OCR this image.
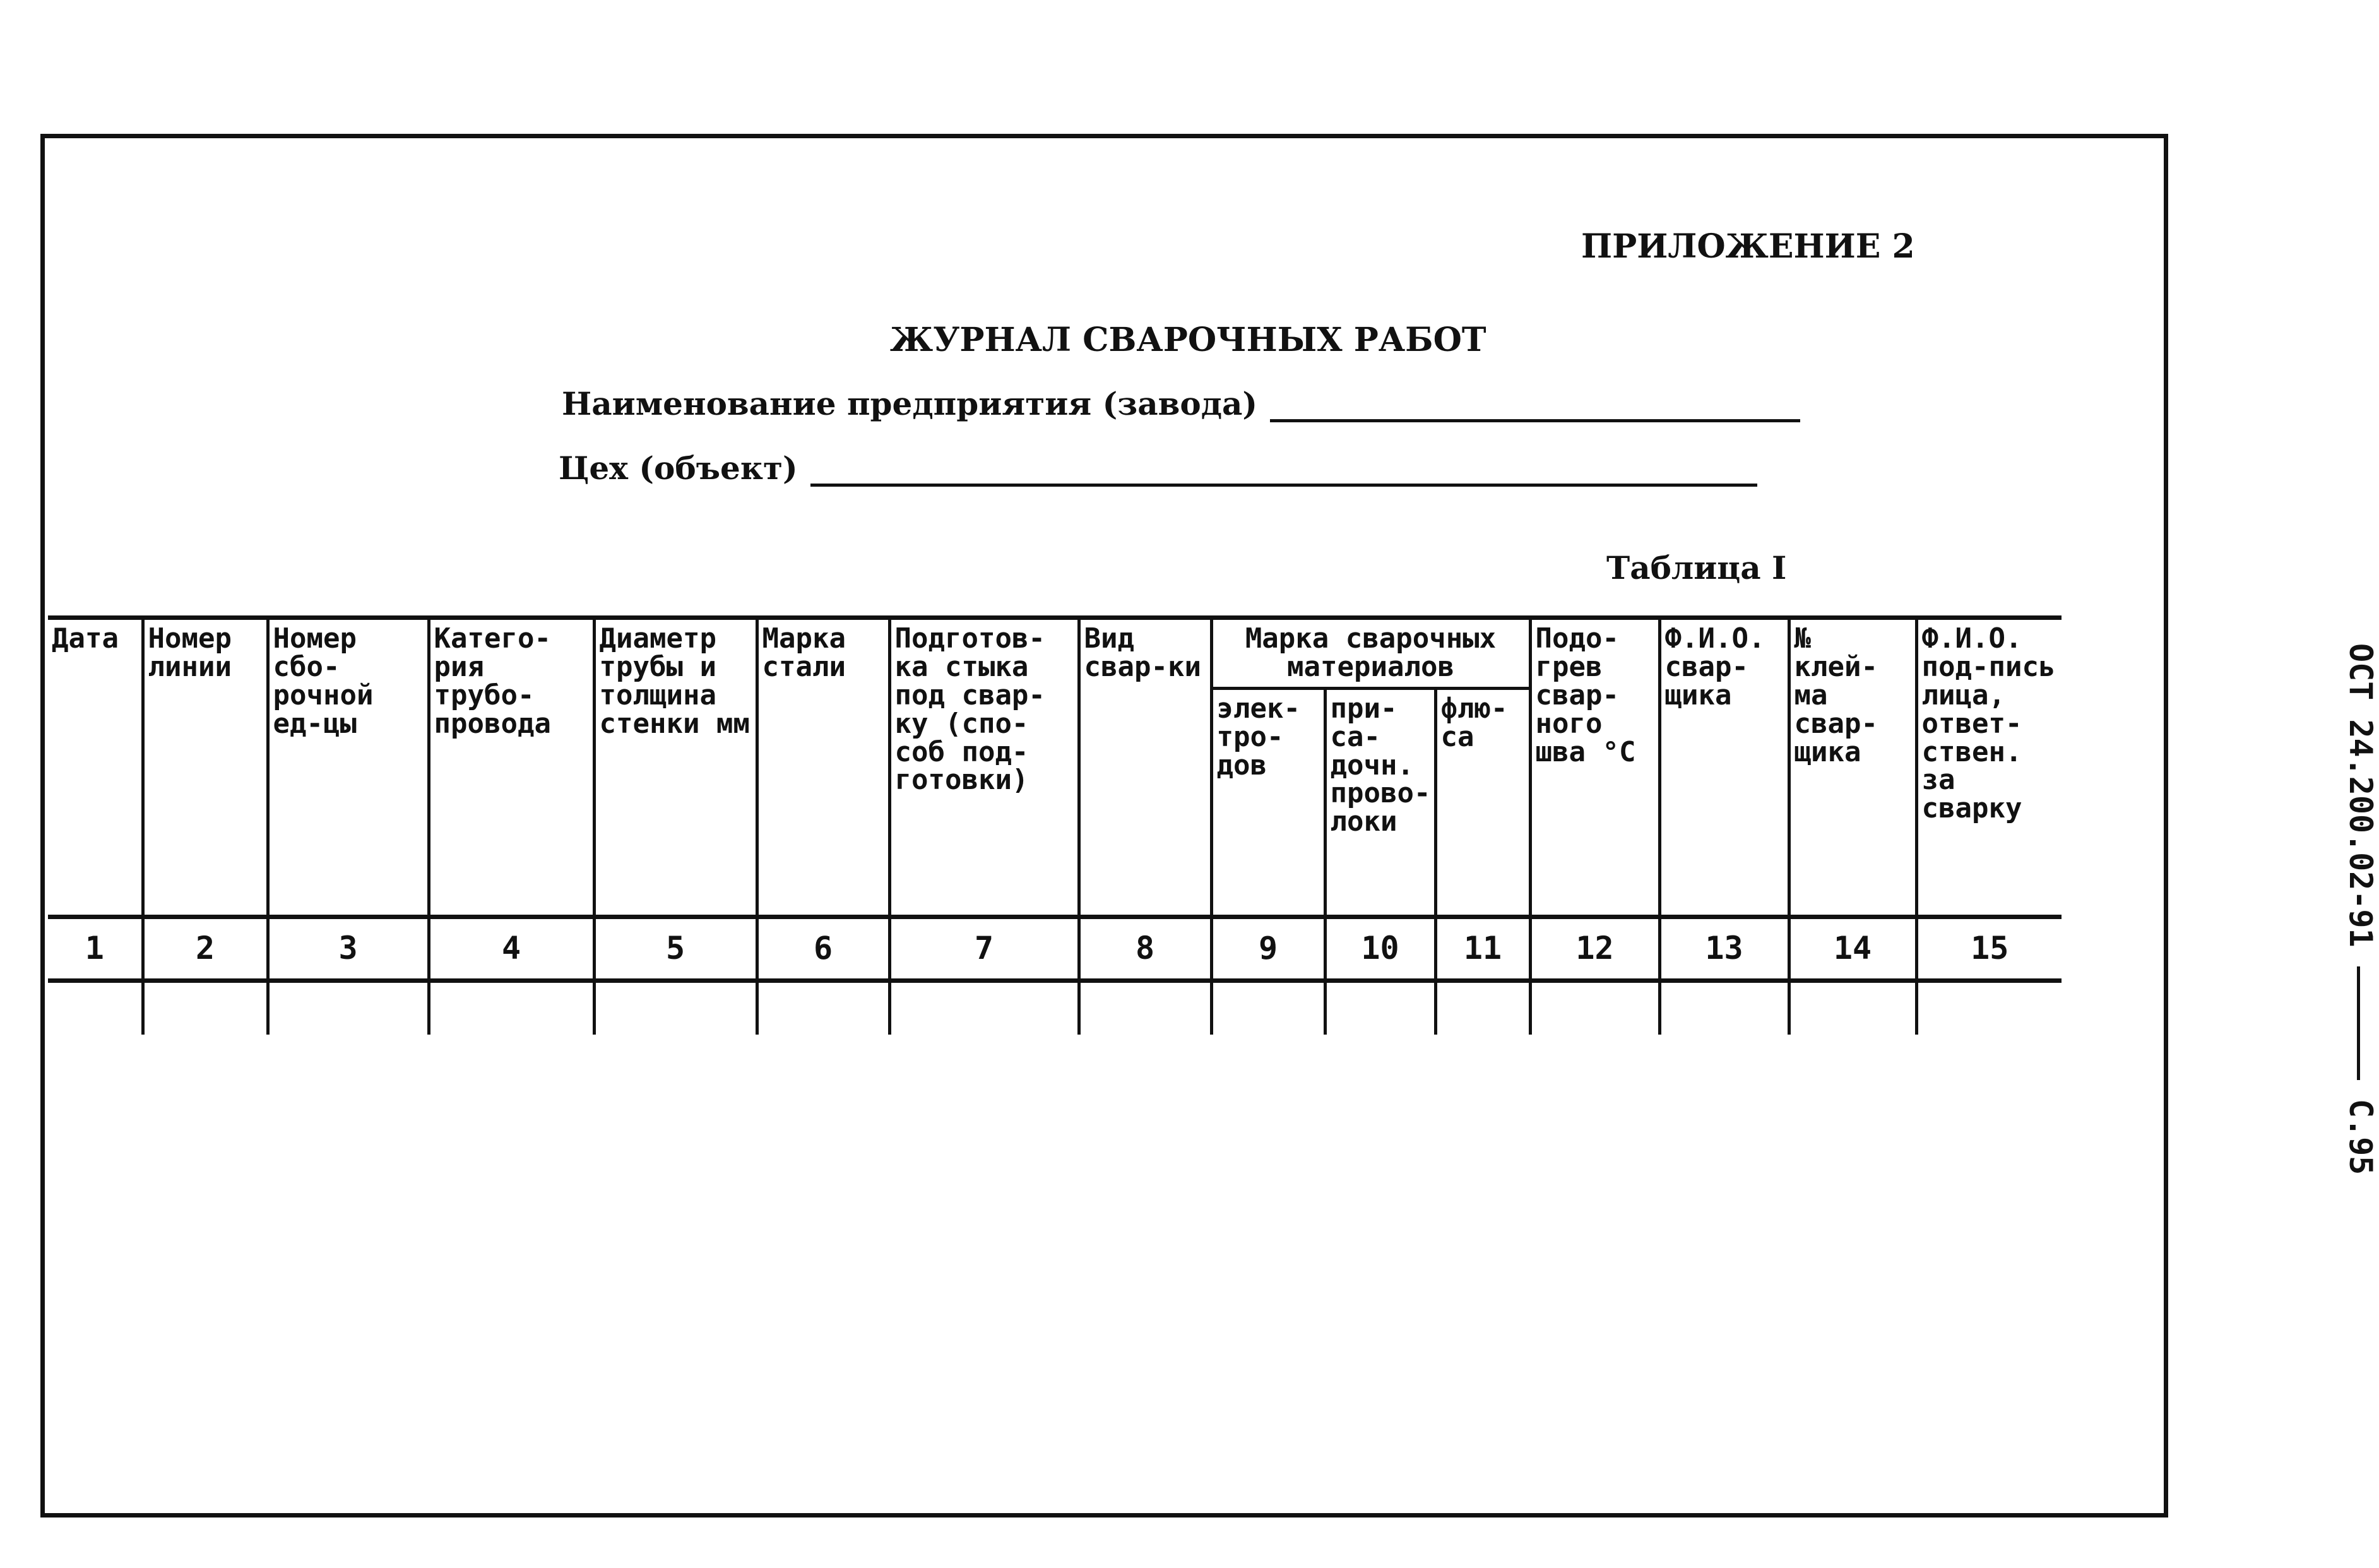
ПРИЛОЖЕНИЕ 2
ЖУРНАЛ СВАРОЧНЫХ РАБОТ
Наименование предприятия (завода)
Цех (объект)
Таблица I
Дата	Номер линии	Номер сбо-рочной ед-цы	Катего-рия трубо-провода	Диаметр трубы и толщина стенки мм	Марка стали	Подготов-ка стыка под свар-ку (спо-соб под-готовки)	Вид свар-ки	Марка сварочных материалов			Подо-грев свар-ного шва °С	Ф.И.О. свар-щика	№ клей-ма свар-щика	Ф.И.О. под-пись лица, ответ-ствен. за сварку
								элек-тро-дов	при-са-дочн. прово-локи	флю-са				
1	2	3	4	5	6	7	8	9	10	11	12	13	14	15

ОСТ 24.200.02-91  С.95
